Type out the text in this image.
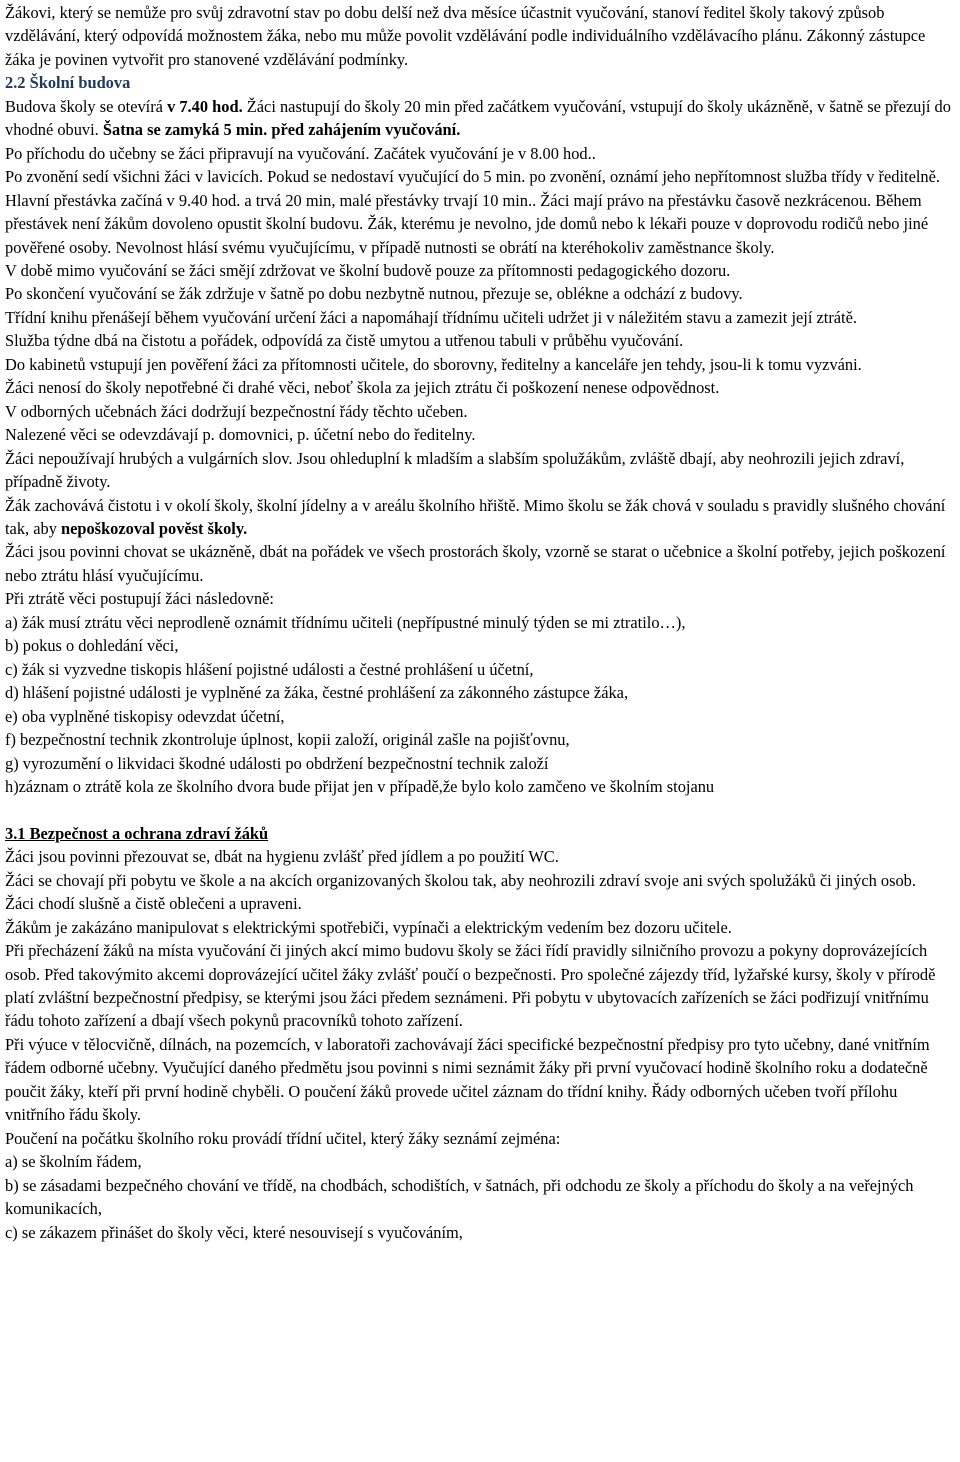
Žákovi, který se nemůže pro svůj zdravotní stav po dobu delší než dva měsíce účastnit vyučování, stanoví ředitel školy takový způsob vzdělávání, který odpovídá možnostem žáka, nebo mu může povolit vzdělávání podle individuálního vzdělávacího plánu. Zákonný zástupce žáka je povinen vytvořit pro stanovené vzdělávání podmínky.

2.2 Školní budova

Budova školy se otevírá v 7.40 hod. Žáci nastupují do školy 20 min před začátkem vyučování, vstupují do školy ukázněně, v šatně se přezují do vhodné obuvi. Šatna se zamyká 5 min. před zahájením vyučování.

Po příchodu do učebny se žáci připravují na vyučování. Začátek vyučování je v 8.00 hod..

Po zvonění sedí všichni žáci v lavicích. Pokud se nedostaví vyučující do 5 min. po zvonění, oznámí jeho nepřítomnost služba třídy v ředitelně.

Hlavní přestávka začíná v 9.40 hod. a trvá 20 min, malé přestávky trvají 10 min.. Žáci mají právo na přestávku časově nezkrácenou. Během přestávek není žákům dovoleno opustit školní budovu. Žák, kterému je nevolno, jde domů nebo k lékaři pouze v doprovodu rodičů nebo jiné pověřené osoby. Nevolnost hlásí svému vyučujícímu, v případě nutnosti se obrátí na kteréhokoliv zaměstnance školy.

V době mimo vyučování se žáci smějí zdržovat ve školní budově pouze za přítomnosti pedagogického dozoru.

Po skončení vyučování se žák zdržuje v šatně po dobu nezbytně nutnou, přezuje se, oblékne a odchází z budovy.

Třídní knihu přenášejí během vyučování určení žáci a napomáhají třídnímu učiteli udržet ji v náležitém stavu a zamezit její ztrátě.

Služba týdne dbá na čistotu a pořádek, odpovídá za čistě umytou a utřenou tabuli v průběhu vyučování.

Do kabinetů vstupují jen pověření žáci za přítomnosti učitele, do sborovny, ředitelny a kanceláře jen tehdy, jsou-li k tomu vyzváni.

Žáci nenosí do školy nepotřebné či drahé věci, neboť škola za jejich ztrátu či poškození nenese odpovědnost.

V odborných učebnách žáci dodržují bezpečnostní řády těchto učeben.

Nalezené věci se odevzdávají p. domovnici, p. účetní nebo do ředitelny.

Žáci nepoužívají hrubých a vulgárních slov. Jsou ohleduplní k mladším a slabším spolužákům, zvláště dbají, aby neohrozili jejich zdraví, případně životy.

Žák zachovává čistotu i v okolí školy, školní jídelny a v areálu školního hřiště. Mimo školu se žák chová v souladu s pravidly slušného chování tak, aby nepoškozoval pověst školy.

Žáci jsou povinni chovat se ukázněně, dbát na pořádek ve všech prostorách školy, vzorně se starat o učebnice a školní potřeby, jejich poškození nebo ztrátu hlásí vyučujícímu.

Při ztrátě věci postupují žáci následovně:

a) žák musí ztrátu věci neprodleně oznámit třídnímu učiteli (nepřípustné minulý týden se mi ztratilo…),

b) pokus o dohledání věci,

c) žák si vyzvedne tiskopis hlášení pojistné události a čestné prohlášení u účetní,

d) hlášení pojistné události je vyplněné za žáka, čestné prohlášení za zákonného zástupce žáka,

e) oba vyplněné tiskopisy odevzdat účetní,

f) bezpečnostní technik zkontroluje úplnost, kopii založí, originál zašle na pojišťovnu,

g) vyrozumění o likvidaci škodné události po obdržení bezpečnostní technik založí

h)záznam o ztrátě kola ze školního dvora bude přijat jen v případě,že bylo kolo zamčeno ve školním stojanu

3.1 Bezpečnost a ochrana zdraví žáků

Žáci jsou povinni přezouvat se, dbát na hygienu zvlášť před jídlem a po použití WC.

Žáci se chovají při pobytu ve škole a na akcích organizovaných školou tak, aby neohrozili zdraví svoje ani svých spolužáků či jiných osob.

Žáci chodí slušně a čistě oblečeni a upraveni.

Žákům je zakázáno manipulovat s elektrickými spotřebiči, vypínači a elektrickým vedením bez dozoru učitele.

Při přecházení žáků na místa vyučování či jiných akcí mimo budovu školy se žáci řídí pravidly silničního provozu a pokyny doprovázejících osob. Před takovýmito akcemi doprovázející učitel žáky zvlášť poučí o bezpečnosti. Pro společné zájezdy tříd, lyžařské kursy, školy v přírodě platí zvláštní bezpečnostní předpisy, se kterými jsou žáci předem seznámeni. Při pobytu v ubytovacích zařízeních se žáci podřizují vnitřnímu řádu tohoto zařízení a dbají všech pokynů pracovníků tohoto zařízení.

Při výuce v tělocvičně, dílnách, na pozemcích, v laboratoři zachovávají žáci specifické bezpečnostní předpisy pro tyto učebny, dané vnitřním řádem odborné učebny. Vyučující daného předmětu jsou povinni s nimi seznámit žáky při první vyučovací hodině školního roku a dodatečně poučit žáky, kteří při první hodině chyběli. O poučení žáků provede učitel záznam do třídní knihy. Řády odborných učeben tvoří přílohu vnitřního řádu školy.

Poučení na počátku školního roku provádí třídní učitel, který žáky seznámí zejména:

a) se školním řádem,

b) se zásadami bezpečného chování ve třídě, na chodbách, schodištích, v šatnách, při odchodu ze školy a příchodu do školy a na veřejných komunikacích,

c) se zákazem přinášet do školy věci, které nesouvisejí s vyučováním,
